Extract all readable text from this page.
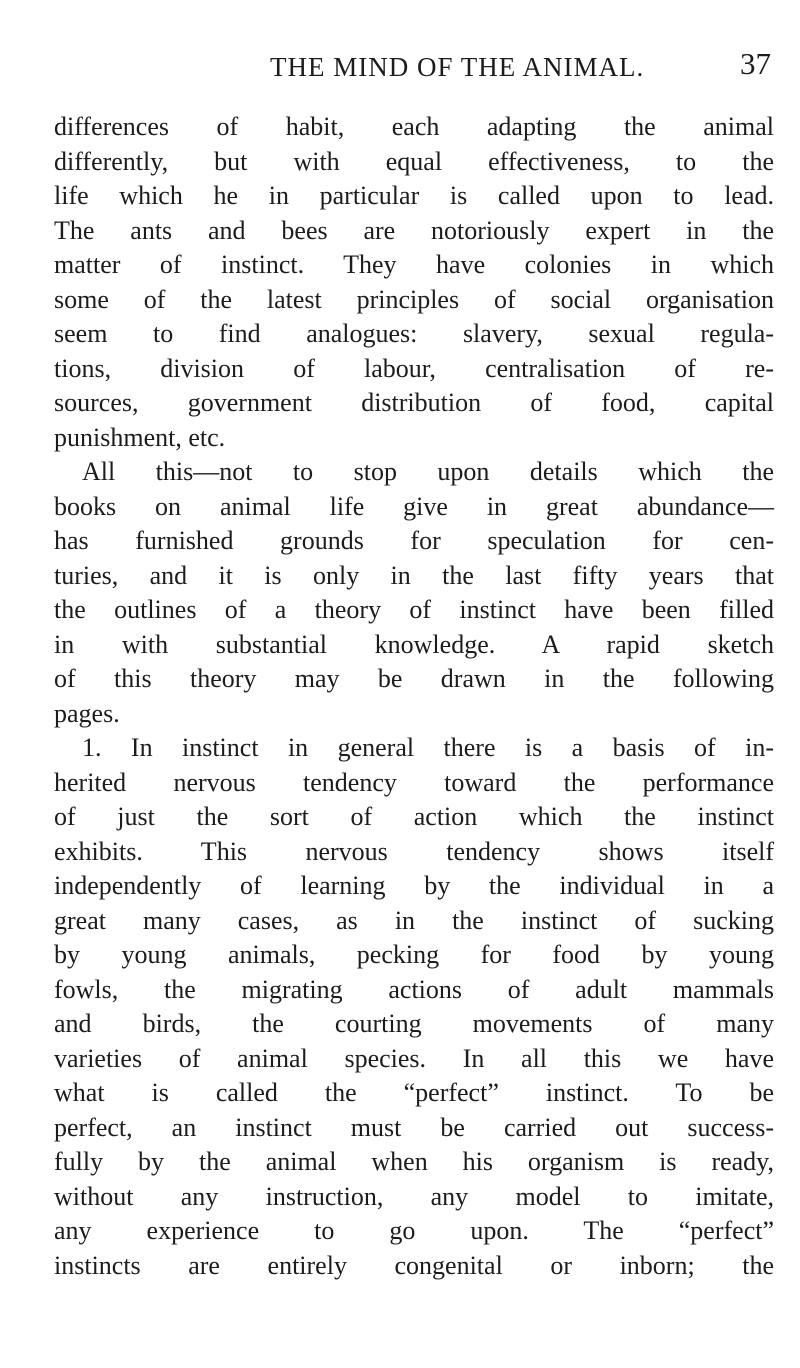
THE MIND OF THE ANIMAL.	37
differences of habit, each adapting the animal
differently, but with equal effectiveness, to the
life which he in particular is called upon to lead.
The ants and bees are notoriously expert in the
matter of instinct. They have colonies in which
some of the latest principles of social organisation
seem to find analogues: slavery, sexual regula-
tions, division of labour, centralisation of re-
sources, government distribution of food, capital
punishment, etc.
All this—not to stop upon details which the
books on animal life give in great abundance—
has furnished grounds for speculation for cen-
turies, and it is only in the last fifty years that
the outlines of a theory of instinct have been filled
in with substantial knowledge. A rapid sketch
of this theory may be drawn in the following
pages.
1. In instinct in general there is a basis of in-
herited nervous tendency toward the performance
of just the sort of action which the instinct
exhibits. This nervous tendency shows itself
independently of learning by the individual in a
great many cases, as in the instinct of sucking
by young animals, pecking for food by young
fowls, the migrating actions of adult mammals
and birds, the courting movements of many
varieties of animal species. In all this we have
what is called the “perfect” instinct. To be
perfect, an instinct must be carried out success-
fully by the animal when his organism is ready,
without any instruction, any model to imitate,
any experience to go upon. The “perfect”
instincts are entirely congenital or inborn; the
